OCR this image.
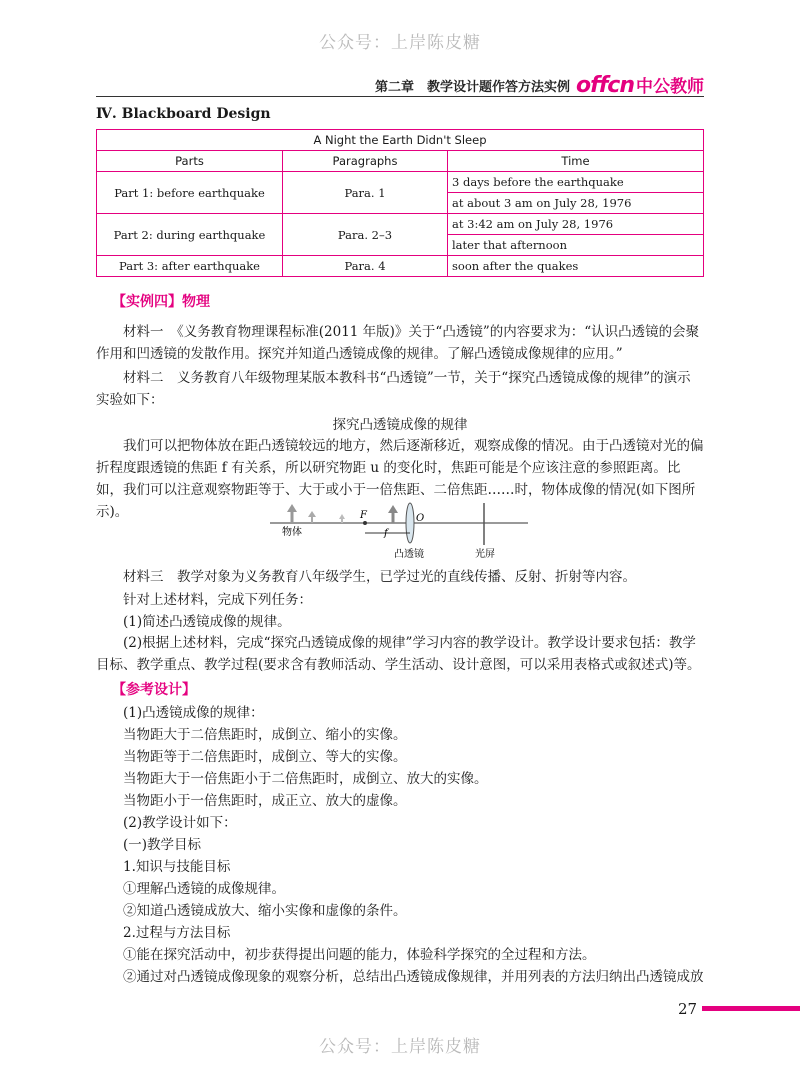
公众号：上岸陈皮糖
第二章　教学设计题作答方法实例 offcn 中公教师
Ⅳ. Blackboard Design
A Night the Earth Didn't Sleep		
Parts	Paragraphs	Time
Part 1: before earthquake	Para. 1	3 days before the earthquake
		at about 3 am on July 28, 1976
Part 2: during earthquake	Para. 2–3	at 3:42 am on July 28, 1976
		later that afternoon
Part 3: after earthquake	Para. 4	soon after the quakes
【实例四】物理
材料一　《义务教育物理课程标准(2011 年版)》关于“凸透镜”的内容要求为：“认识凸透镜的会聚作用和凹透镜的发散作用。探究并知道凸透镜成像的规律。了解凸透镜成像规律的应用。”
材料二　义务教育八年级物理某版本教科书“凸透镜”一节，关于“探究凸透镜成像的规律”的演示实验如下：
探究凸透镜成像的规律
我们可以把物体放在距凸透镜较远的地方，然后逐渐移近，观察成像的情况。由于凸透镜对光的偏折程度跟透镜的焦距 f 有关系，所以研究物距 u 的变化时，焦距可能是个应该注意的参照距离。比如，我们可以注意观察物距等于、大于或小于一倍焦距、二倍焦距……时，物体成像的情况(如下图所示)。	F	O
f
物体
凸透镜	光屏
材料三　教学对象为义务教育八年级学生，已学过光的直线传播、反射、折射等内容。
针对上述材料，完成下列任务：
(1)简述凸透镜成像的规律。
(2)根据上述材料，完成“探究凸透镜成像的规律”学习内容的教学设计。教学设计要求包括：教学目标、教学重点、教学过程(要求含有教师活动、学生活动、设计意图，可以采用表格式或叙述式)等。
【参考设计】
(1)凸透镜成像的规律：
当物距大于二倍焦距时，成倒立、缩小的实像。
当物距等于二倍焦距时，成倒立、等大的实像。
当物距大于一倍焦距小于二倍焦距时，成倒立、放大的实像。
当物距小于一倍焦距时，成正立、放大的虚像。
(2)教学设计如下：
(一)教学目标
1.知识与技能目标
①理解凸透镜的成像规律。
②知道凸透镜成放大、缩小实像和虚像的条件。
2.过程与方法目标
①能在探究活动中，初步获得提出问题的能力，体验科学探究的全过程和方法。
②通过对凸透镜成像现象的观察分析，总结出凸透镜成像规律，并用列表的方法归纳出凸透镜成放
27
公众号：上岸陈皮糖
